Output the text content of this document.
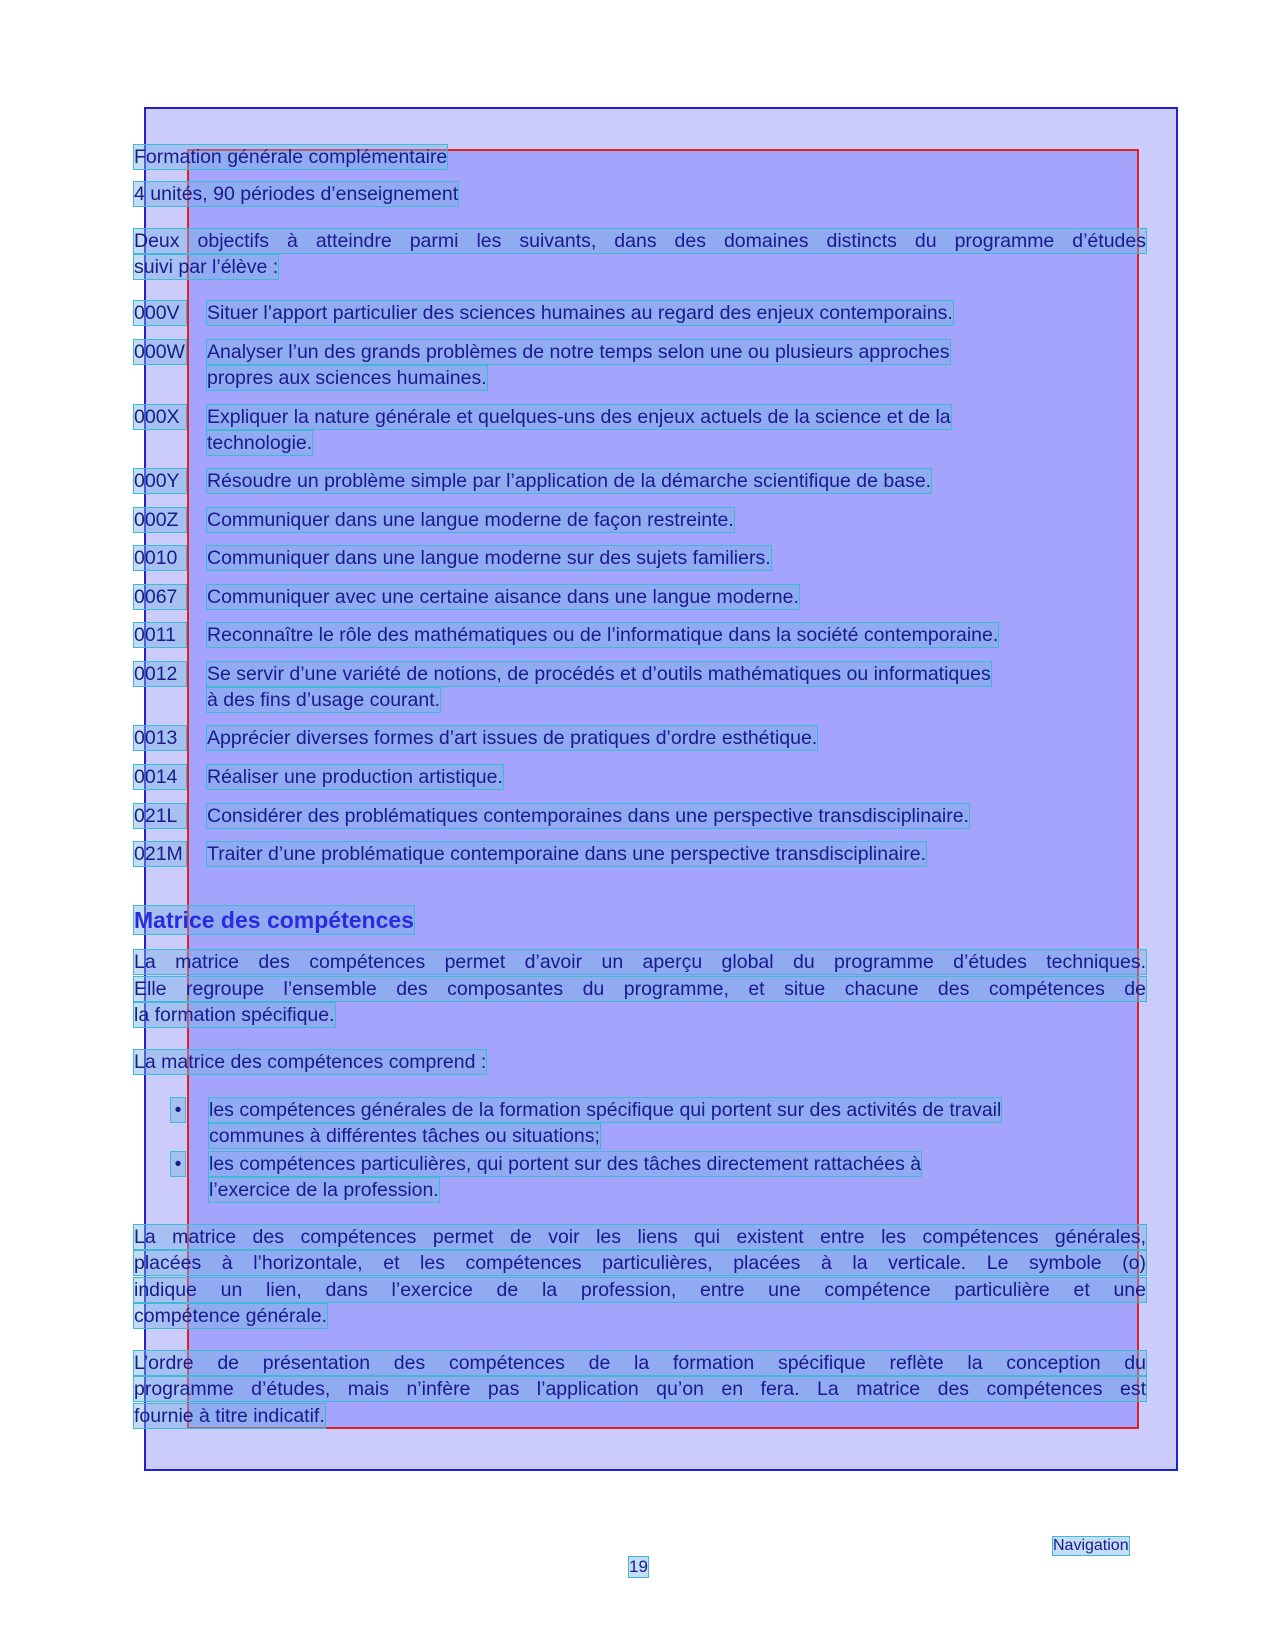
Formation générale complémentaire
4 unités, 90 périodes d’enseignement
Deux objectifs à atteindre parmi les suivants, dans des domaines distincts du programme d’études
suivi par l’élève :
000V	Situer l’apport particulier des sciences humaines au regard des enjeux contemporains.
000W Analyser l’un des grands problèmes de notre temps selon une ou plusieurs approches
propres aux sciences humaines.
000X	Expliquer la nature générale et quelques-uns des enjeux actuels de la science et de la
technologie.
000Y	Résoudre un problème simple par l’application de la démarche scientifique de base.
000Z	Communiquer dans une langue moderne de façon restreinte.
0010	Communiquer dans une langue moderne sur des sujets familiers.
0067	Communiquer avec une certaine aisance dans une langue moderne.
0011	Reconnaître le rôle des mathématiques ou de l’informatique dans la société contemporaine.
0012	Se servir d’une variété de notions, de procédés et d’outils mathématiques ou informatiques
à des fins d’usage courant.
0013	Apprécier diverses formes d’art issues de pratiques d’ordre esthétique.
0014	Réaliser une production artistique.
021L	Considérer des problématiques contemporaines dans une perspective transdisciplinaire.
021M Traiter d’une problématique contemporaine dans une perspective transdisciplinaire.
Matrice des compétences
La matrice des compétences permet d’avoir un aperçu global du programme d’études techniques.
Elle regroupe l’ensemble des composantes du programme, et situe chacune des compétences de
la formation spécifique.
La matrice des compétences comprend :
• les compétences générales de la formation spécifique qui portent sur des activités de travail
communes à différentes tâches ou situations;
• les compétences particulières, qui portent sur des tâches directement rattachées à
l’exercice de la profession.
La matrice des compétences permet de voir les liens qui existent entre les compétences générales,
placées à l’horizontale, et les compétences particulières, placées à la verticale. Le symbole (o)
indique un lien, dans l’exercice de la profession, entre une compétence particulière et une
compétence générale.
L’ordre de présentation des compétences de la formation spécifique reflète la conception du
programme d’études, mais n’infère pas l’application qu’on en fera. La matrice des compétences est
fournie à titre indicatif.
Navigation
19
